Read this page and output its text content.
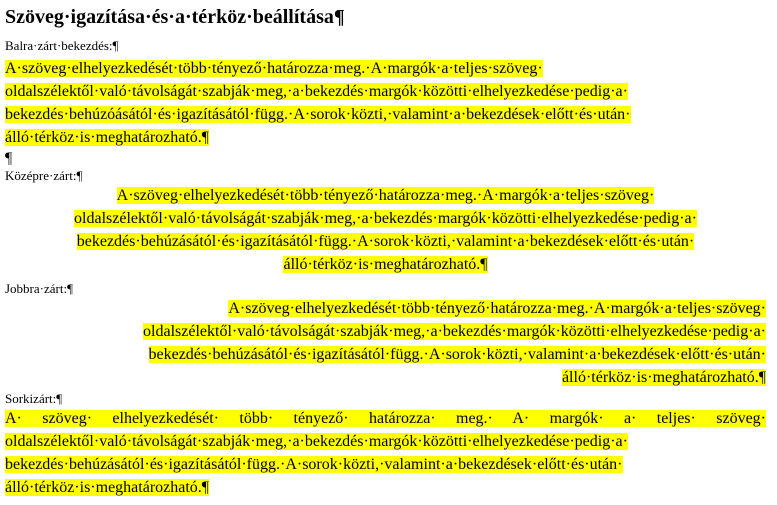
Szöveg·igazítása·és·a·térköz·beállítása¶
Balra·zárt·bekezdés:¶
A·szöveg·elhelyezkedését·több·tényező·határozza·meg.·A·margók·a·teljes·szöveg· oldalszélektől·való·távolságát·szabják·meg,·a·bekezdés·margók·közötti·elhelyezkedése·pedig·a· bekezdés·behúzóásától·és·igazításától·függ.·A·sorok·közti,·valamint·a·bekezdések·előtt·és·után· álló·térköz·is·meghatározható.¶
¶
Középre·zárt:¶
A·szöveg·elhelyezkedését·több·tényező·határozza·meg.·A·margók·a·teljes·szöveg· oldalszélektől·való·távolságát·szabják·meg,·a·bekezdés·margók·közötti·elhelyezkedése·pedig·a· bekezdés·behúzásától·és·igazításától·függ.·A·sorok·közti,·valamint·a·bekezdések·előtt·és·után· álló·térköz·is·meghatározható.¶
Jobbra·zárt:¶
A·szöveg·elhelyezkedését·több·tényező·határozza·meg.·A·margók·a·teljes·szöveg· oldalszélektől·való·távolságát·szabják·meg,·a·bekezdés·margók·közötti·elhelyezkedése·pedig·a· bekezdés·behúzásától·és·igazításától·függ.·A·sorok·közti,·valamint·a·bekezdések·előtt·és·után· álló·térköz·is·meghatározható.¶
Sorkizárt:¶
A· szöveg· elhelyezkedését· több· tényező· határozza· meg.· A· margók· a· teljes· szöveg· oldalszélektől·való·távolságát·szabják·meg,·a·bekezdés·margók·közötti·elhelyezkedése·pedig·a· bekezdés·behúzásától·és·igazításától·függ.·A·sorok·közti,·valamint·a·bekezdések·előtt·és·után· álló·térköz·is·meghatározható.¶
